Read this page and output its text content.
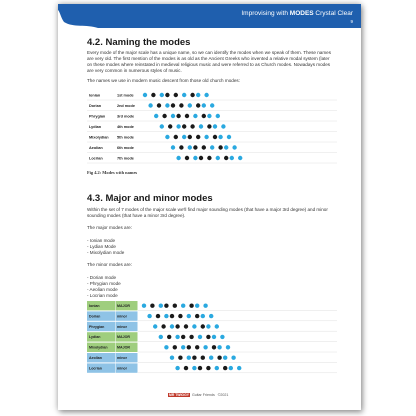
Improvising with MODES Crystal Clear
9
4.2. Naming the modes

Every mode of the major scale has a unique name, so we can identify the modes when we speak of them. These names are very old. The first mention of the modes is as old as the Ancient Greeks who invented a relative modal system (later on these modes where reinstated in medieval religious music and were referred to as Church modes. Nowadays modes are very common in numerous styles of music.

The names we use in modern music descent from those old church modes:

Ionian	1st mode
Dorian	2nd mode
Phrygian	3rd mode
Lydian	4th mode
Mixolydian 5th mode
Aeolian	6th mode
Locrian	7th mode
Fig 4.2: Modes with names
4.3. Major and minor modes

Within the set of 7 modes of the major scale we'll find major sounding modes (that have a major 3rd degree) and minor sounding modes (that have a minor 3rd degree).

The major modes are:
- Ionian mode
- Lydian Mode
- Mixolydian mode
The minor modes are:
- Dorian mode
- Phrygian mode
- Aeolian mode
- Locrian mode
Ionian	MAJOR
Dorian	minor
Phrygian	minor
Lydian	MAJOR
Mixolydian	MAJOR
Aeolian	minor
Locrian	minor
MR TWIGGY Guitar Friends ©2021
